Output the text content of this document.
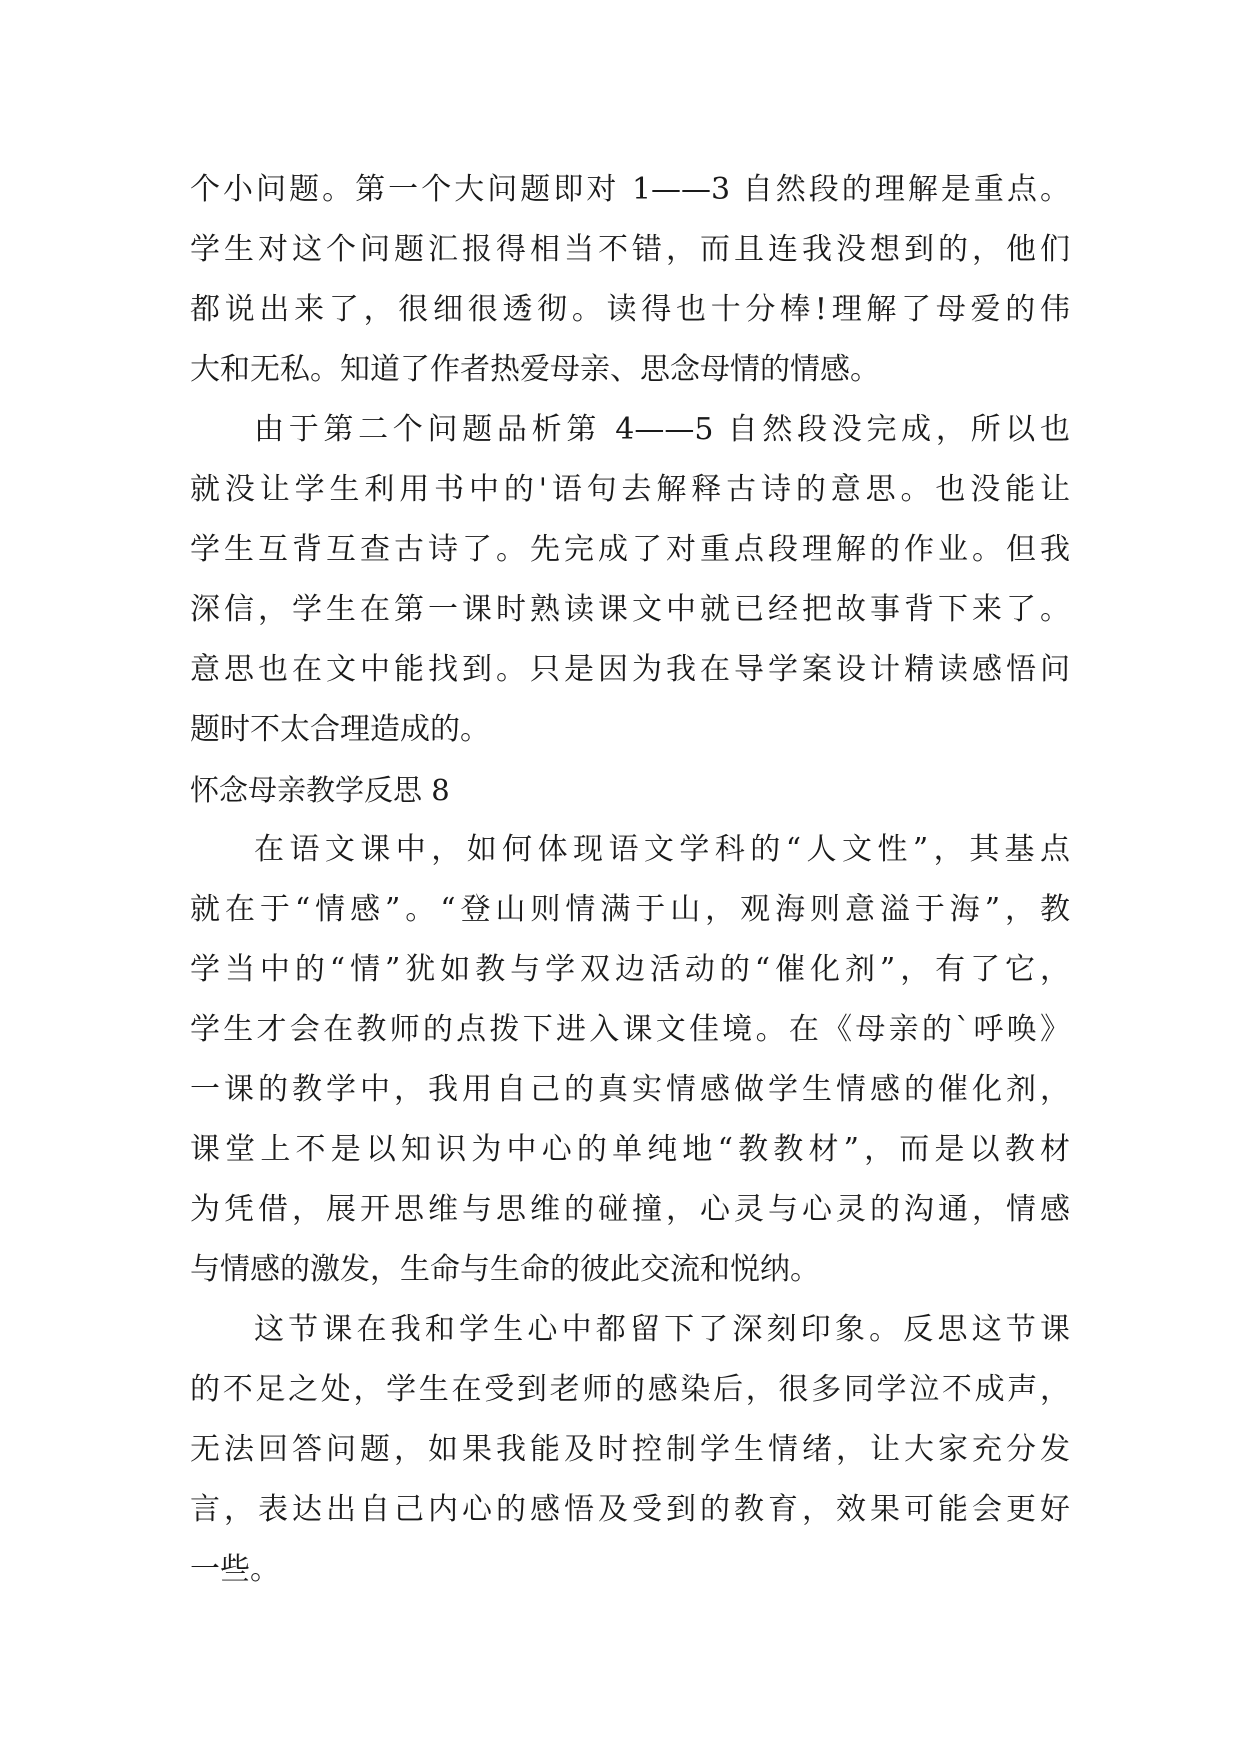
个小问题。第一个大问题即对 1——3 自然段的理解是重点。
学生对这个问题汇报得相当不错，而且连我没想到的，他们
都说出来了，很细很透彻。读得也十分棒!理解了母爱的伟
大和无私。知道了作者热爱母亲、思念母情的情感。
由于第二个问题品析第 4——5 自然段没完成，所以也
就没让学生利用书中的'语句去解释古诗的意思。也没能让
学生互背互查古诗了。先完成了对重点段理解的作业。但我
深信，学生在第一课时熟读课文中就已经把故事背下来了。
意思也在文中能找到。只是因为我在导学案设计精读感悟问
题时不太合理造成的。
怀念母亲教学反思 8
在语文课中，如何体现语文学科的“人文性”，其基点
就在于“情感”。“登山则情满于山，观海则意溢于海”，教
学当中的“情”犹如教与学双边活动的“催化剂”，有了它，
学生才会在教师的点拨下进入课文佳境。在《母亲的`呼唤》
一课的教学中，我用自己的真实情感做学生情感的催化剂，
课堂上不是以知识为中心的单纯地“教教材”，而是以教材
为凭借，展开思维与思维的碰撞，心灵与心灵的沟通，情感
与情感的激发，生命与生命的彼此交流和悦纳。
这节课在我和学生心中都留下了深刻印象。反思这节课
的不足之处，学生在受到老师的感染后，很多同学泣不成声，
无法回答问题，如果我能及时控制学生情绪，让大家充分发
言，表达出自己内心的感悟及受到的教育，效果可能会更好
一些。
